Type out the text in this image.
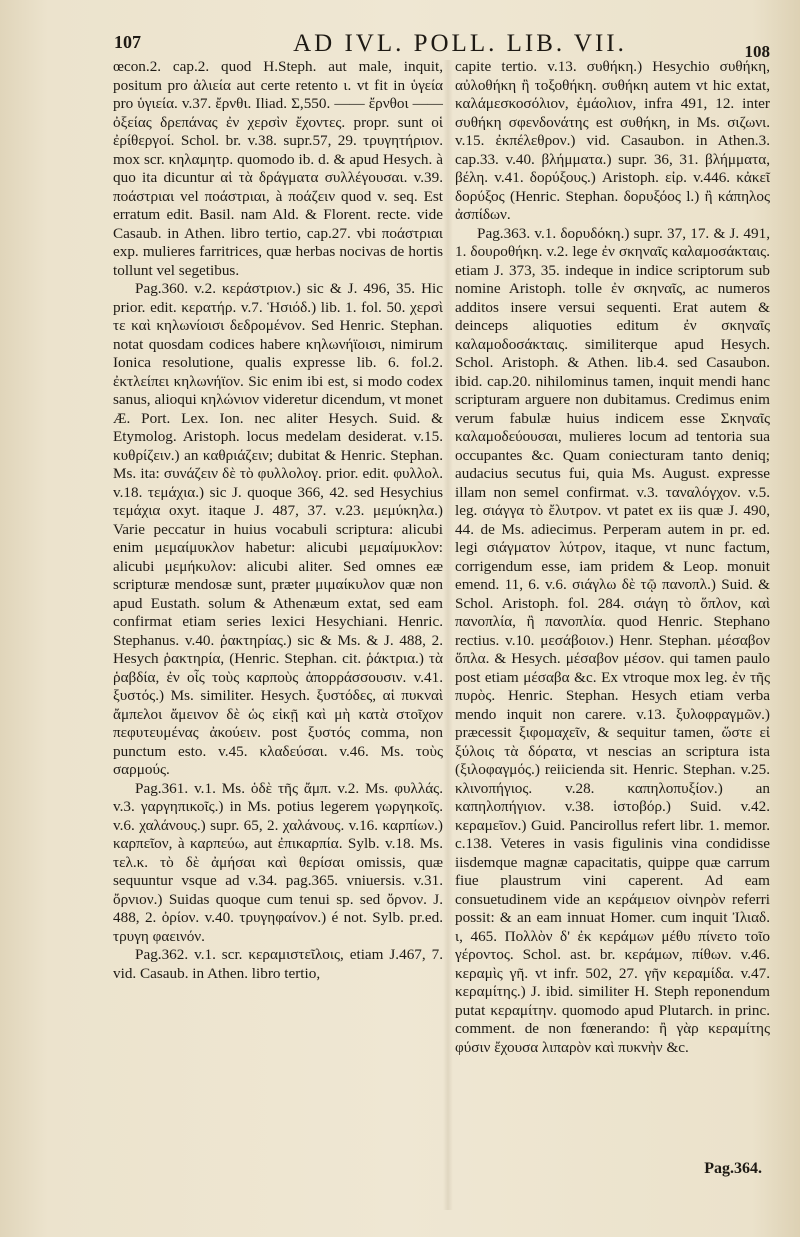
107	AD IVL. POLL. LIB. VII.	108

œcon.2. cap.2. quod H.Steph. aut male, inquit, positum pro ἀλιεία aut certe retento ι. vt fit in ὑγεία pro ὑγιεία. v.37. ἔρνθι. Iliad. Σ,550. —— ἔρνθοι —— ὀξείας δρεπάνας ἐν χερσὶν ἔχοντες. propr. sunt οἱ ἐρίθεργοί. Schol. br. v.38. supr.57, 29. τρυγητήριον. mox scr. κηλαμητρ. quomodo ib. d. & apud Hesych. à quo ita dicuntur αἱ τὰ δράγματα συλλέγουσαι. v.39. ποάστριαι vel ποάστριαι, à ποάζειν quod v. seq. Est erratum edit. Basil. nam Ald. & Florent. recte. vide Casaub. in Athen. libro tertio, cap.27. vbi ποάστριαι exp. mulieres farritrices, quæ herbas nocivas de hortis tollunt vel segetibus.

Pag.360. v.2. κεράστριον.) sic & J. 496, 35. Hic prior. edit. κερατήρ. v.7. Ἡσιόδ.) lib. 1. fol. 50. χερσὶ τε καὶ κηλωνίοισι δεδρομένον. Sed Henric. Stephan. notat quosdam codices habere κηλωνήϊοισι, nimirum Ionica resolutione, qualis expresse lib. 6. fol.2. ἐκτλείπει κηλωνήϊον. Sic enim ibi est, si modo codex sanus, alioqui κηλώνιον videretur dicendum, vt monet Æ. Port. Lex. Ion. nec aliter Hesych. Suid. & Etymolog. Aristoph. locus medelam desiderat. v.15. κυθρίζειν.) an καθριάζειν; dubitat & Henric. Stephan. Ms. ita: συνάζειν δὲ τὸ φυλλολογ. prior. edit. φυλλολ. v.18. τεμάχια.) sic J. quoque 366, 42. sed Hesychius τεμάχια oxyt. itaque J. 487, 37. v.23. μεμύκηλα.) Varie peccatur in huius vocabuli scriptura: alicubi enim μεμαίμυκλον habetur: alicubi μεμαίμυκλον: alicubi μεμήκυλον: alicubi aliter. Sed omnes eæ scripturæ mendosæ sunt, præter μιμαίκυλον quæ non apud Eustath. solum & Athenæum extat, sed eam confirmat etiam series lexici Hesychiani. Henric. Stephanus. v.40. ῥακτηρίας.) sic & Ms. & J. 488, 2. Hesych ῥακτηρία, (Henric. Stephan. cit. ῥάκτρια.) τὰ ῥαβδία, ἐν οἷς τοὺς καρποὺς ἀπορράσσουσιν. v.41. ξυστός.) Ms. similiter. Hesych. ξυστόδες, αἱ πυκναὶ ἄμπελοι ἄμεινον δὲ ὡς εἰκῇ καὶ μὴ κατὰ στοῖχον πεφυτευμένας ἀκούειν. post ξυστός comma, non punctum esto. v.45. κλαδεύσαι. v.46. Ms. τοὺς σαρμούς.

Pag.361. v.1. Ms. ὁδὲ τῆς ἄμπ. v.2. Ms. φυλλάς. v.3. γαργηπικοῖς.) in Ms. potius legerem γωργηκοῖς. v.6. χαλάνους.) supr. 65, 2. χαλάνους. v.16. καρπίων.) καρπεῖον, à καρπεύω, aut ἐπικαρπία. Sylb. v.18. Ms. τελ.κ. τὸ δὲ ἀμήσαι καὶ θερίσαι omissis, quæ sequuntur vsque ad v.34. pag.365. vniuersis. v.31. ὄρνιον.) Suidas quoque cum tenui sp. sed ὄρνον. J. 488, 2. ὀρίον. v.40. τρυγηφαίνον.) é not. Sylb. pr.ed. τρυγη φαεινόν.

Pag.362. v.1. scr. κεραμιστεῖλοις, etiam J.467, 7. vid. Casaub. in Athen. libro tertio,

capite tertio. v.13. συθήκη.) Hesychio συθήκη, αὐλοθήκη ἢ τοξοθήκη. συθήκη autem vt hic extat, καλάμεσκοσόλιον, ἐμάολιον, infra 491, 12. inter συθήκη σφενδονάτης est συθήκη, in Ms. σιζωνι. v.15. ἐκπέλεθρον.) vid. Casaubon. in Athen.3. cap.33. v.40. βλήμματα.) supr. 36, 31. βλήμματα, βέλη. v.41. δορύξους.) Aristoph. εἰρ. v.446. κἀκεῖ δορύξος (Henric. Stephan. δορυξόος l.) ἢ κάπηλος ἀσπίδων.

Pag.363. v.1. δορυδόκη.) supr. 37, 17. & J. 491, 1. δουροθήκη. v.2. lege ἐν σκηναῖς καλαμοσάκταις. etiam J. 373, 35. indeque in indice scriptorum sub nomine Aristoph. tolle ἐν σκηναῖς, ac numeros additos insere versui sequenti. Erat autem & deinceps aliquoties editum ἐν σκηναῖς καλαμοδοσάκταις. similiterque apud Hesych. Schol. Aristoph. & Athen. lib.4. sed Casaubon. ibid. cap.20. nihilominus tamen, inquit mendi hanc scripturam arguere non dubitamus. Credimus enim verum fabulæ huius indicem esse Σκηναῖς καλαμοδεύουσαι, mulieres locum ad tentoria sua occupantes &c. Quam coniecturam tanto deniq; audacius secutus fui, quia Ms. August. expresse illam non semel confirmat. v.3. ταναλόγχον. v.5. leg. σιάγγα τὸ ἔλυτρον. vt patet ex iis quæ J. 490, 44. de Ms. adiecimus. Perperam autem in pr. ed. legi σιάγματον λύτρον, itaque, vt nunc factum, corrigendum esse, iam pridem & Leop. monuit emend. 11, 6. v.6. σιάγλω δὲ τῷ πανοπλ.) Suid. & Schol. Aristoph. fol. 284. σιάγη τὸ ὅπλον, καὶ πανοπλία, ἢ πανοπλία. quod Henric. Stephano rectius. v.10. μεσάβοιον.) Henr. Stephan. μέσαβον ὅπλα. & Hesych. μέσαβον μέσον. qui tamen paulo post etiam μέσαβα &c. Ex vtroque mox leg. ἐν τῆς πυρὸς. Henric. Stephan. Hesych etiam verba mendo inquit non carere. v.13. ξυλοφραγμῶν.) præcessit ξιφομαχεῖν, & sequitur tamen, ὥστε εἰ ξύλοις τὰ δόρατα, vt nescias an scriptura ista (ξιλοφαγμός.) reiicienda sit. Henric. Stephan. v.25. κλινοπήγιος. v.28. καπηλοπυξίον.) an καπηλοπήγιον. v.38. ἱστοβόρ.) Suid. v.42. κεραμεῖον.) Guid. Pancirollus refert libr. 1. memor. c.138. Veteres in vasis figulinis vina condidisse iisdemque magnæ capacitatis, quippe quæ carrum fiue plaustrum vini caperent. Ad eam consuetudinem vide an κεράμειον οἰνηρὸν referri possit: & an eam innuat Homer. cum inquit Ἰλιαδ. ι, 465. Πολλὸν δ' ἐκ κεράμων μέθυ πίνετο τοῖο γέροντος. Schol. ast. br. κεράμων, πίθων. v.46. κεραμὶς γῆ. vt infr. 502, 27. γῆν κεραμίδα. v.47. κεραμίτης.) J. ibid. similiter H. Steph reponendum putat κεραμίτην. quomodo apud Plutarch. in princ. comment. de non fœnerando: ἢ γὰρ κεραμίτης φύσιν ἔχουσα λιπαρὸν καὶ πυκνὴν &c.

Pag.364.
